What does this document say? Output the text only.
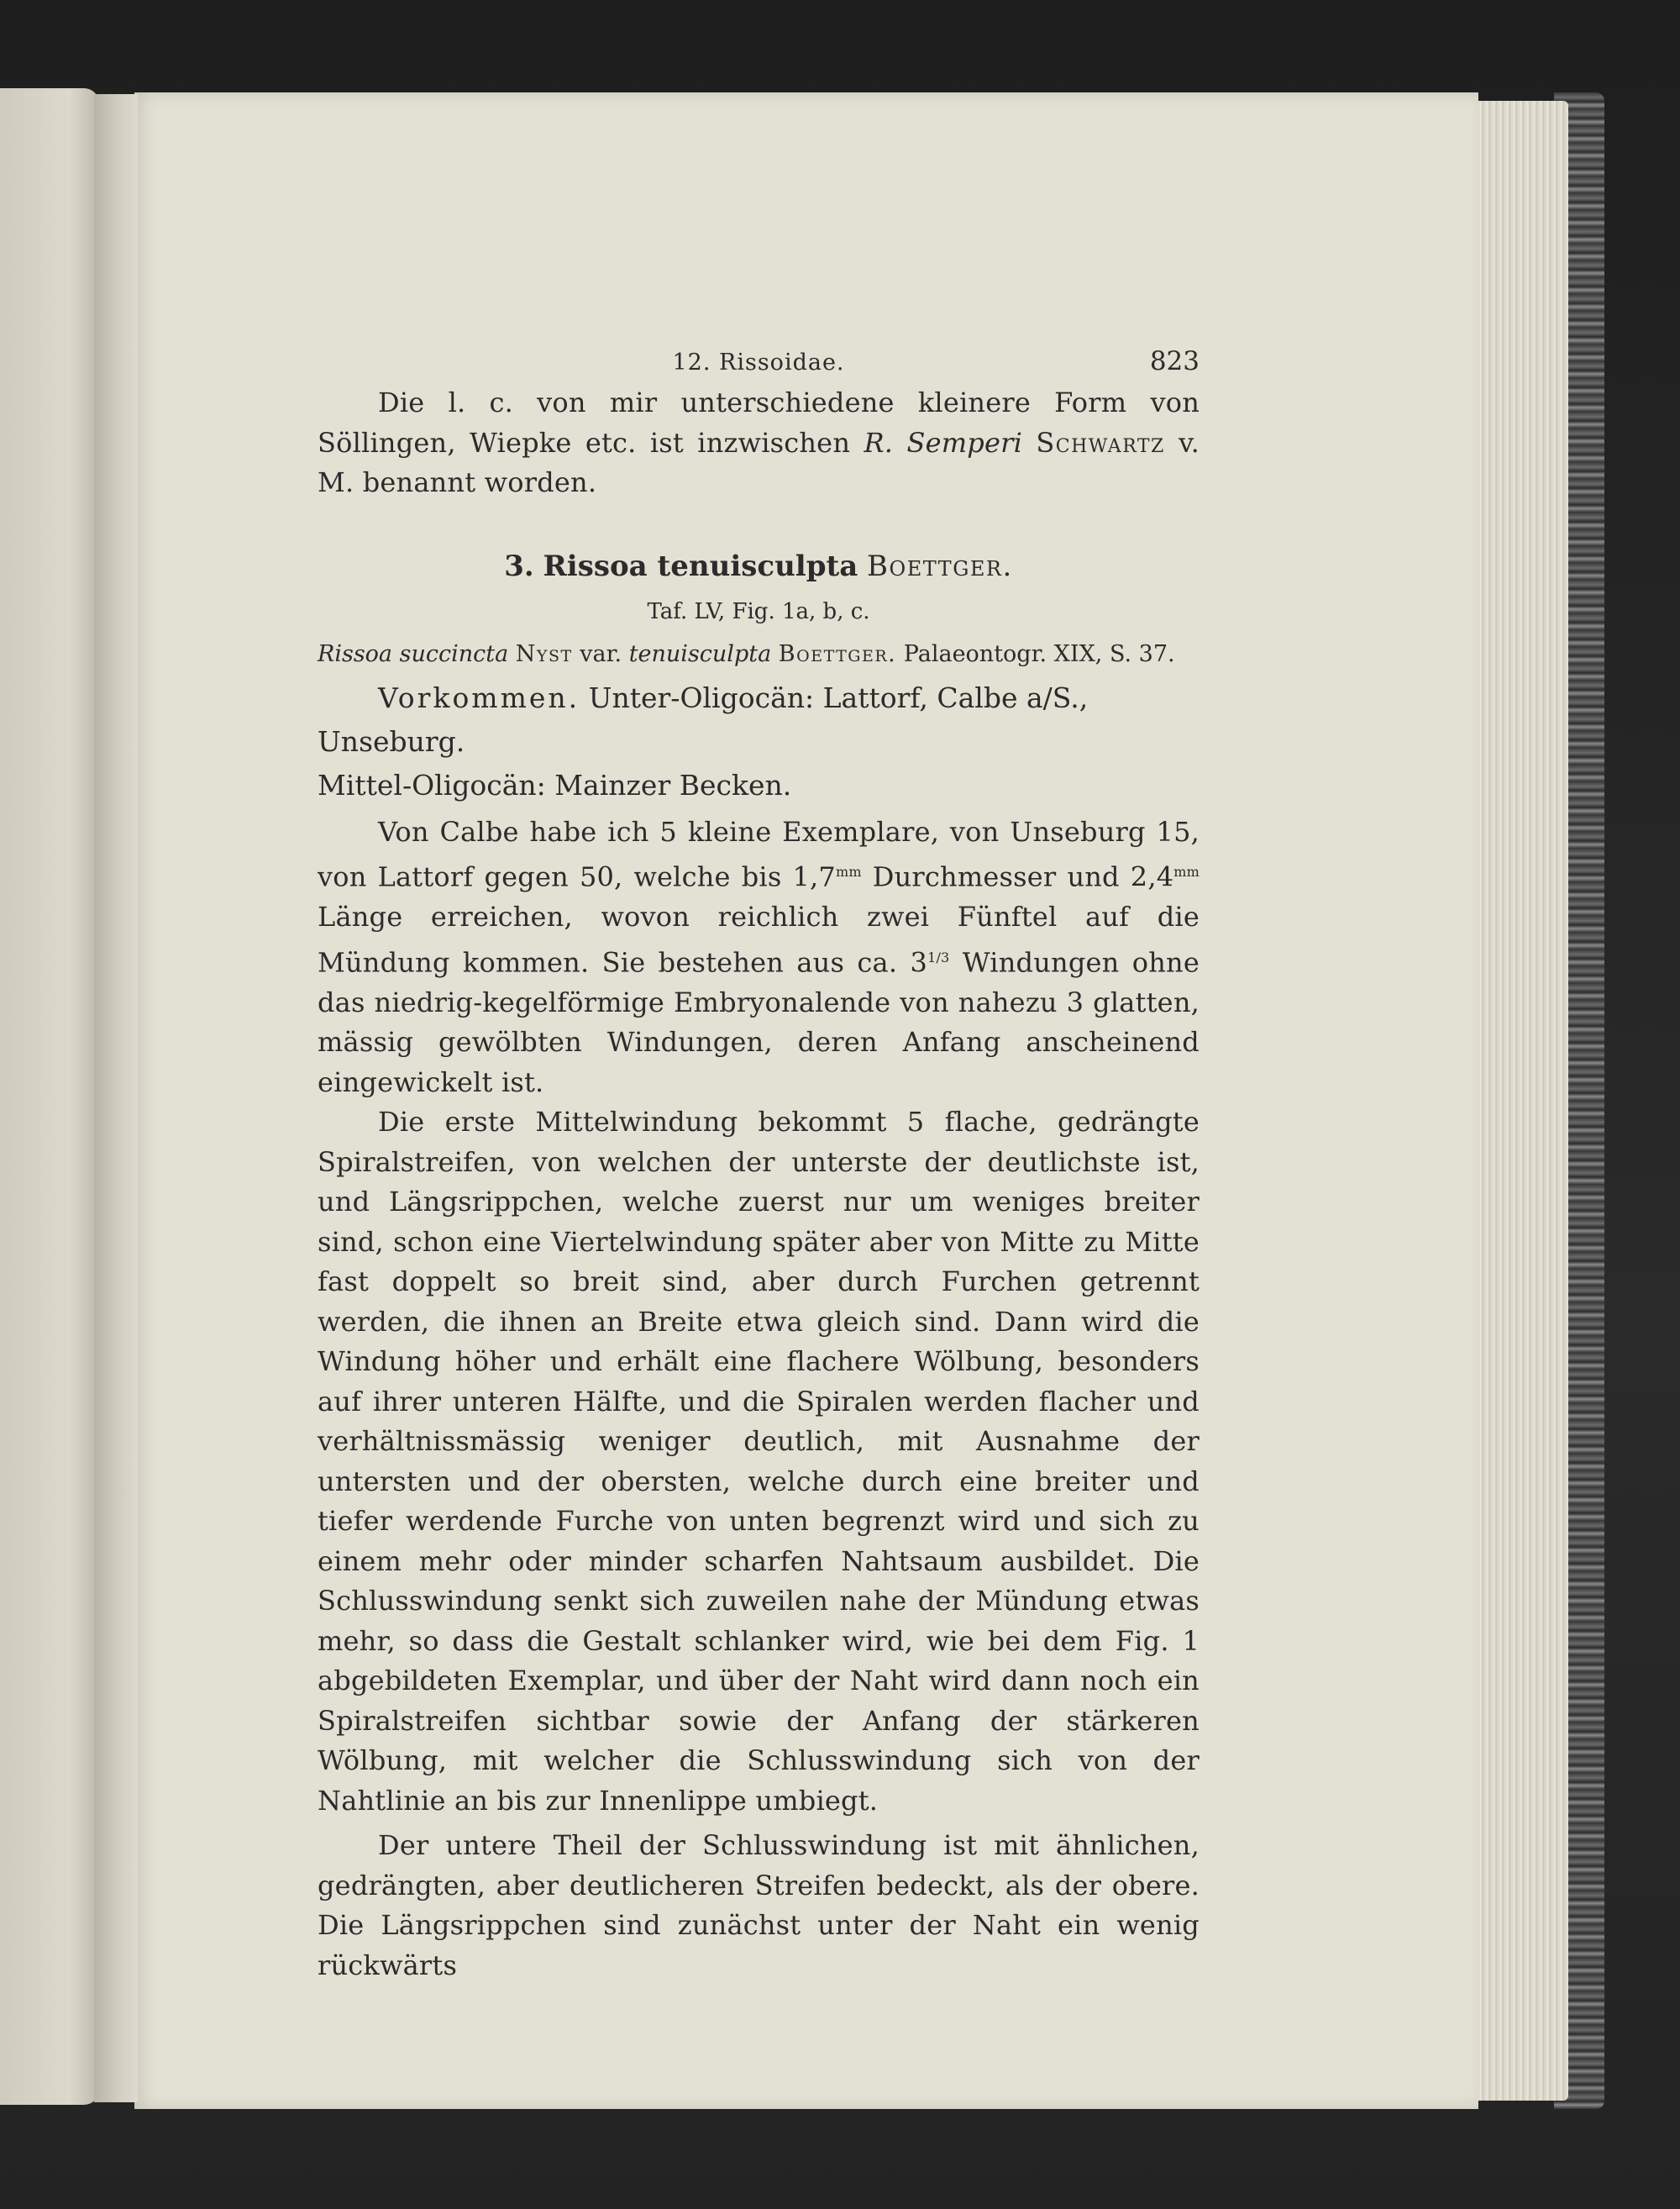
12. Rissoidae.	823

Die l. c. von mir unterschiedene kleinere Form von Söllingen, Wiepke etc. ist inzwischen R. Semperi Schwartz v. M. benannt worden.

3. Rissoa tenuisculpta Boettger.

Taf. LV, Fig. 1a, b, c.

Rissoa succincta Nyst var. tenuisculpta Boettger. Palaeontogr. XIX, S. 37.

Vorkommen. Unter-Oligocän: Lattorf, Calbe a/S., Unseburg.
Mittel-Oligocän: Mainzer Becken.

Von Calbe habe ich 5 kleine Exemplare, von Unseburg 15, von Lattorf gegen 50, welche bis $1,7^{mm}$ Durchmesser und $2,4^{mm}$ Länge erreichen, wovon reichlich zwei Fünftel auf die Mündung kommen. Sie bestehen aus ca. $3^{1/3}$ Windungen ohne das niedrig-kegelförmige Embryonalende von nahezu 3 glatten, mässig gewölbten Windungen, deren Anfang anscheinend eingewickelt ist.

Die erste Mittelwindung bekommt 5 flache, gedrängte Spiralstreifen, von welchen der unterste der deutlichste ist, und Längsrippchen, welche zuerst nur um weniges breiter sind, schon eine Viertelwindung später aber von Mitte zu Mitte fast doppelt so breit sind, aber durch Furchen getrennt werden, die ihnen an Breite etwa gleich sind. Dann wird die Windung höher und erhält eine flachere Wölbung, besonders auf ihrer unteren Hälfte, und die Spiralen werden flacher und verhältnissmässig weniger deutlich, mit Ausnahme der untersten und der obersten, welche durch eine breiter und tiefer werdende Furche von unten begrenzt wird und sich zu einem mehr oder minder scharfen Nahtsaum ausbildet. Die Schlusswindung senkt sich zuweilen nahe der Mündung etwas mehr, so dass die Gestalt schlanker wird, wie bei dem Fig. 1 abgebildeten Exemplar, und über der Naht wird dann noch ein Spiralstreifen sichtbar sowie der Anfang der stärkeren Wölbung, mit welcher die Schlusswindung sich von der Nahtlinie an bis zur Innenlippe umbiegt.

Der untere Theil der Schlusswindung ist mit ähnlichen, gedrängten, aber deutlicheren Streifen bedeckt, als der obere. Die Längsrippchen sind zunächst unter der Naht ein wenig rückwärts
